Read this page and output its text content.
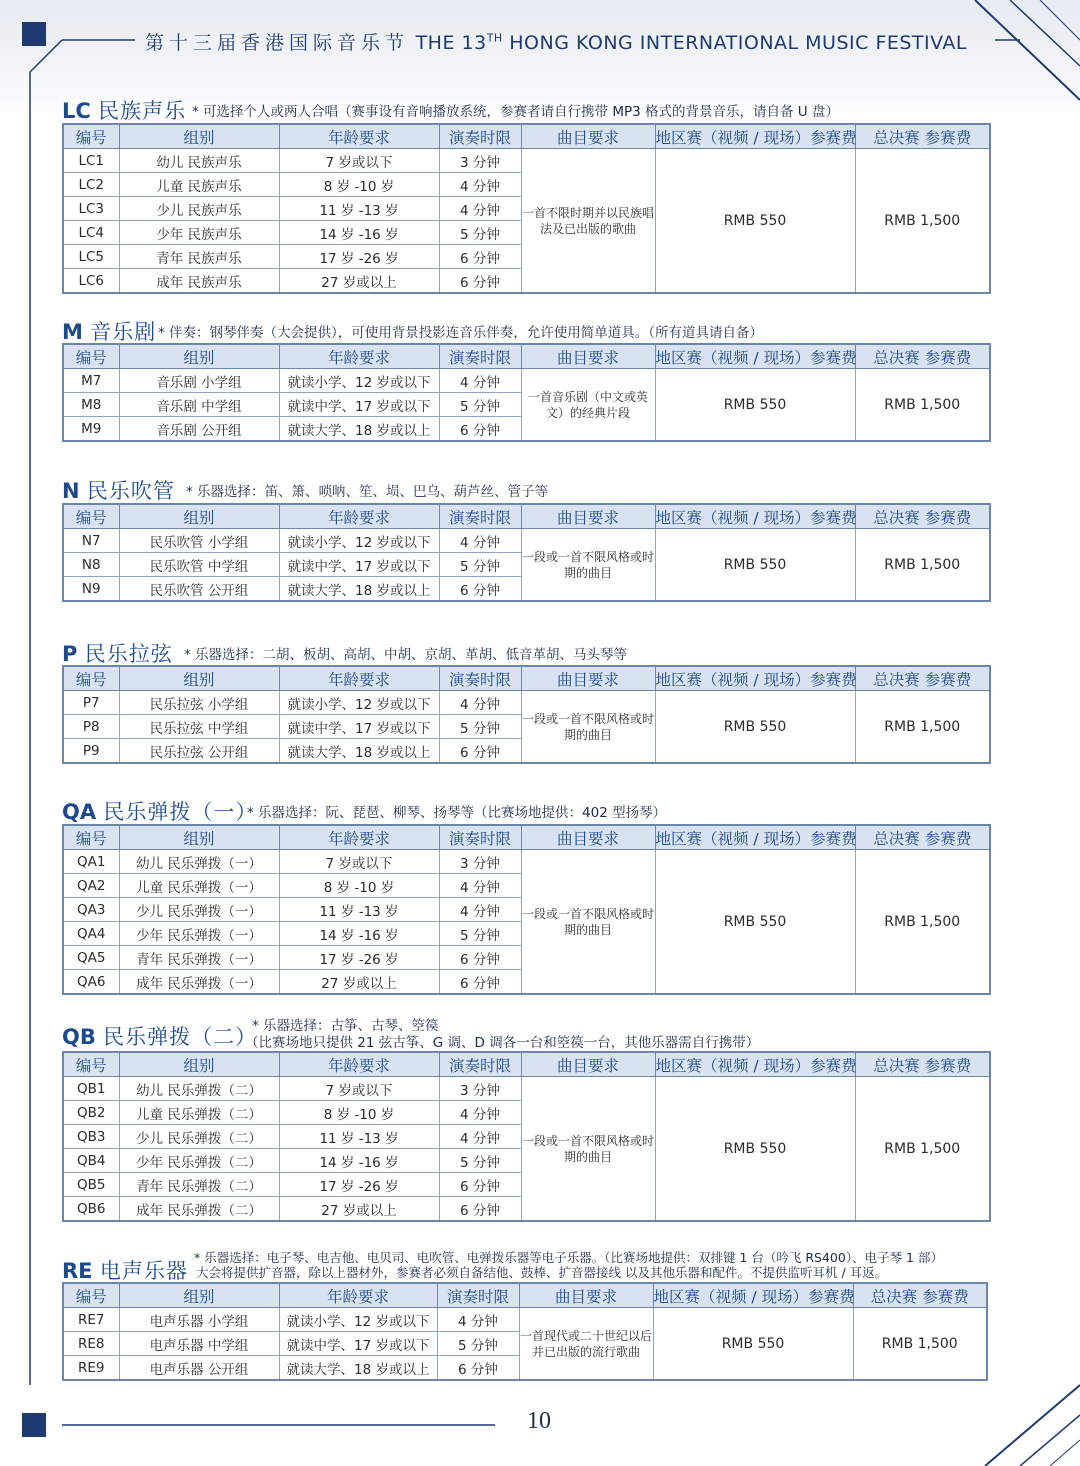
第十三届香港国际音乐节 THE 13TH HONG KONG INTERNATIONAL MUSIC FESTIVAL
LC 民族声乐 * 可选择个人或两人合唱（赛事设有音响播放系统，参赛者请自行携带 MP3 格式的背景音乐，请自备 U 盘）
编号	组别	年龄要求	演奏时限	曲目要求	地区赛（视频 / 现场）参赛费	总决赛 参赛费
LC1	幼儿 民族声乐	7 岁或以下	3 分钟	一首不限时期并以民族唱法及已出版的歌曲	RMB 550	RMB 1,500
LC2	儿童 民族声乐	8 岁 -10 岁	4 分钟			
LC3	少儿 民族声乐	11 岁 -13 岁	4 分钟			
LC4	少年 民族声乐	14 岁 -16 岁	5 分钟			
LC5	青年 民族声乐	17 岁 -26 岁	6 分钟			
LC6	成年 民族声乐	27 岁或以上	6 分钟			
M 音乐剧 * 伴奏：钢琴伴奏（大会提供），可使用背景投影连音乐伴奏，允许使用简单道具。（所有道具请自备）
编号	组别	年龄要求	演奏时限	曲目要求	地区赛（视频 / 现场）参赛费	总决赛 参赛费
M7	音乐剧 小学组	就读小学、12 岁或以下	4 分钟	一首音乐剧（中文或英文）的经典片段	RMB 550	RMB 1,500
M8	音乐剧 中学组	就读中学、17 岁或以下	5 分钟			
M9	音乐剧 公开组	就读大学、18 岁或以上	6 分钟			
N 民乐吹管 * 乐器选择：笛、箫、唢呐、笙、埙、巴乌、葫芦丝、管子等
编号	组别	年龄要求	演奏时限	曲目要求	地区赛（视频 / 现场）参赛费	总决赛 参赛费
N7	民乐吹管 小学组	就读小学、12 岁或以下	4 分钟	一段或一首不限风格或时期的曲目	RMB 550	RMB 1,500
N8	民乐吹管 中学组	就读中学、17 岁或以下	5 分钟			
N9	民乐吹管 公开组	就读大学、18 岁或以上	6 分钟			
P 民乐拉弦 * 乐器选择：二胡、板胡、高胡、中胡、京胡、革胡、低音革胡、马头琴等
编号	组别	年龄要求	演奏时限	曲目要求	地区赛（视频 / 现场）参赛费	总决赛 参赛费
P7	民乐拉弦 小学组	就读小学、12 岁或以下	4 分钟	一段或一首不限风格或时期的曲目	RMB 550	RMB 1,500
P8	民乐拉弦 中学组	就读中学、17 岁或以下	5 分钟			
P9	民乐拉弦 公开组	就读大学、18 岁或以上	6 分钟			
QA 民乐弹拨（一）
* 乐器选择：阮、琵琶、柳琴、扬琴等（比赛场地提供：402 型扬琴）
编号	组别	年龄要求	演奏时限	曲目要求	地区赛（视频 / 现场）参赛费	总决赛 参赛费
QA1	幼儿 民乐弹拨（一）	7 岁或以下	3 分钟	一段或一首不限风格或时期的曲目	RMB 550	RMB 1,500
QA2	儿童 民乐弹拨（一）	8 岁 -10 岁	4 分钟			
QA3	少儿 民乐弹拨（一）	11 岁 -13 岁	4 分钟			
QA4	少年 民乐弹拨（一）	14 岁 -16 岁	5 分钟			
QA5	青年 民乐弹拨（一）	17 岁 -26 岁	6 分钟			
QA6	成年 民乐弹拨（一）	27 岁或以上	6 分钟			
QB 民乐弹拨（二）
* 乐器选择：古筝、古琴、箜篌
（比赛场地只提供 21 弦古筝、G 调、D 调各一台和箜篌一台，其他乐器需自行携带）
编号	组别	年龄要求	演奏时限	曲目要求	地区赛（视频 / 现场）参赛费	总决赛 参赛费
QB1	幼儿 民乐弹拨（二）	7 岁或以下	3 分钟	一段或一首不限风格或时期的曲目	RMB 550	RMB 1,500
QB2	儿童 民乐弹拨（二）	8 岁 -10 岁	4 分钟			
QB3	少儿 民乐弹拨（二）	11 岁 -13 岁	4 分钟			
QB4	少年 民乐弹拨（二）	14 岁 -16 岁	5 分钟			
QB5	青年 民乐弹拨（二）	17 岁 -26 岁	6 分钟			
QB6	成年 民乐弹拨（二）	27 岁或以上	6 分钟			
RE 电声乐器
* 乐器选择：电子琴、电吉他、电贝司、电吹管、电弹拨乐器等电子乐器。（比赛场地提供：双排键 1 台（吟飞 RS400）、电子琴 1 部）
大会将提供扩音器，除以上器材外，参赛者必须自备结他、鼓棒、扩音器接线 以及其他乐器和配件。不提供监听耳机 / 耳返。
编号	组别	年龄要求	演奏时限	曲目要求	地区赛（视频 / 现场）参赛费	总决赛 参赛费
RE7	电声乐器 小学组	就读小学、12 岁或以下	4 分钟	一首现代或二十世纪以后并已出版的流行歌曲	RMB 550	RMB 1,500
RE8	电声乐器 中学组	就读中学、17 岁或以下	5 分钟			
RE9	电声乐器 公开组	就读大学、18 岁或以上	6 分钟			
10
